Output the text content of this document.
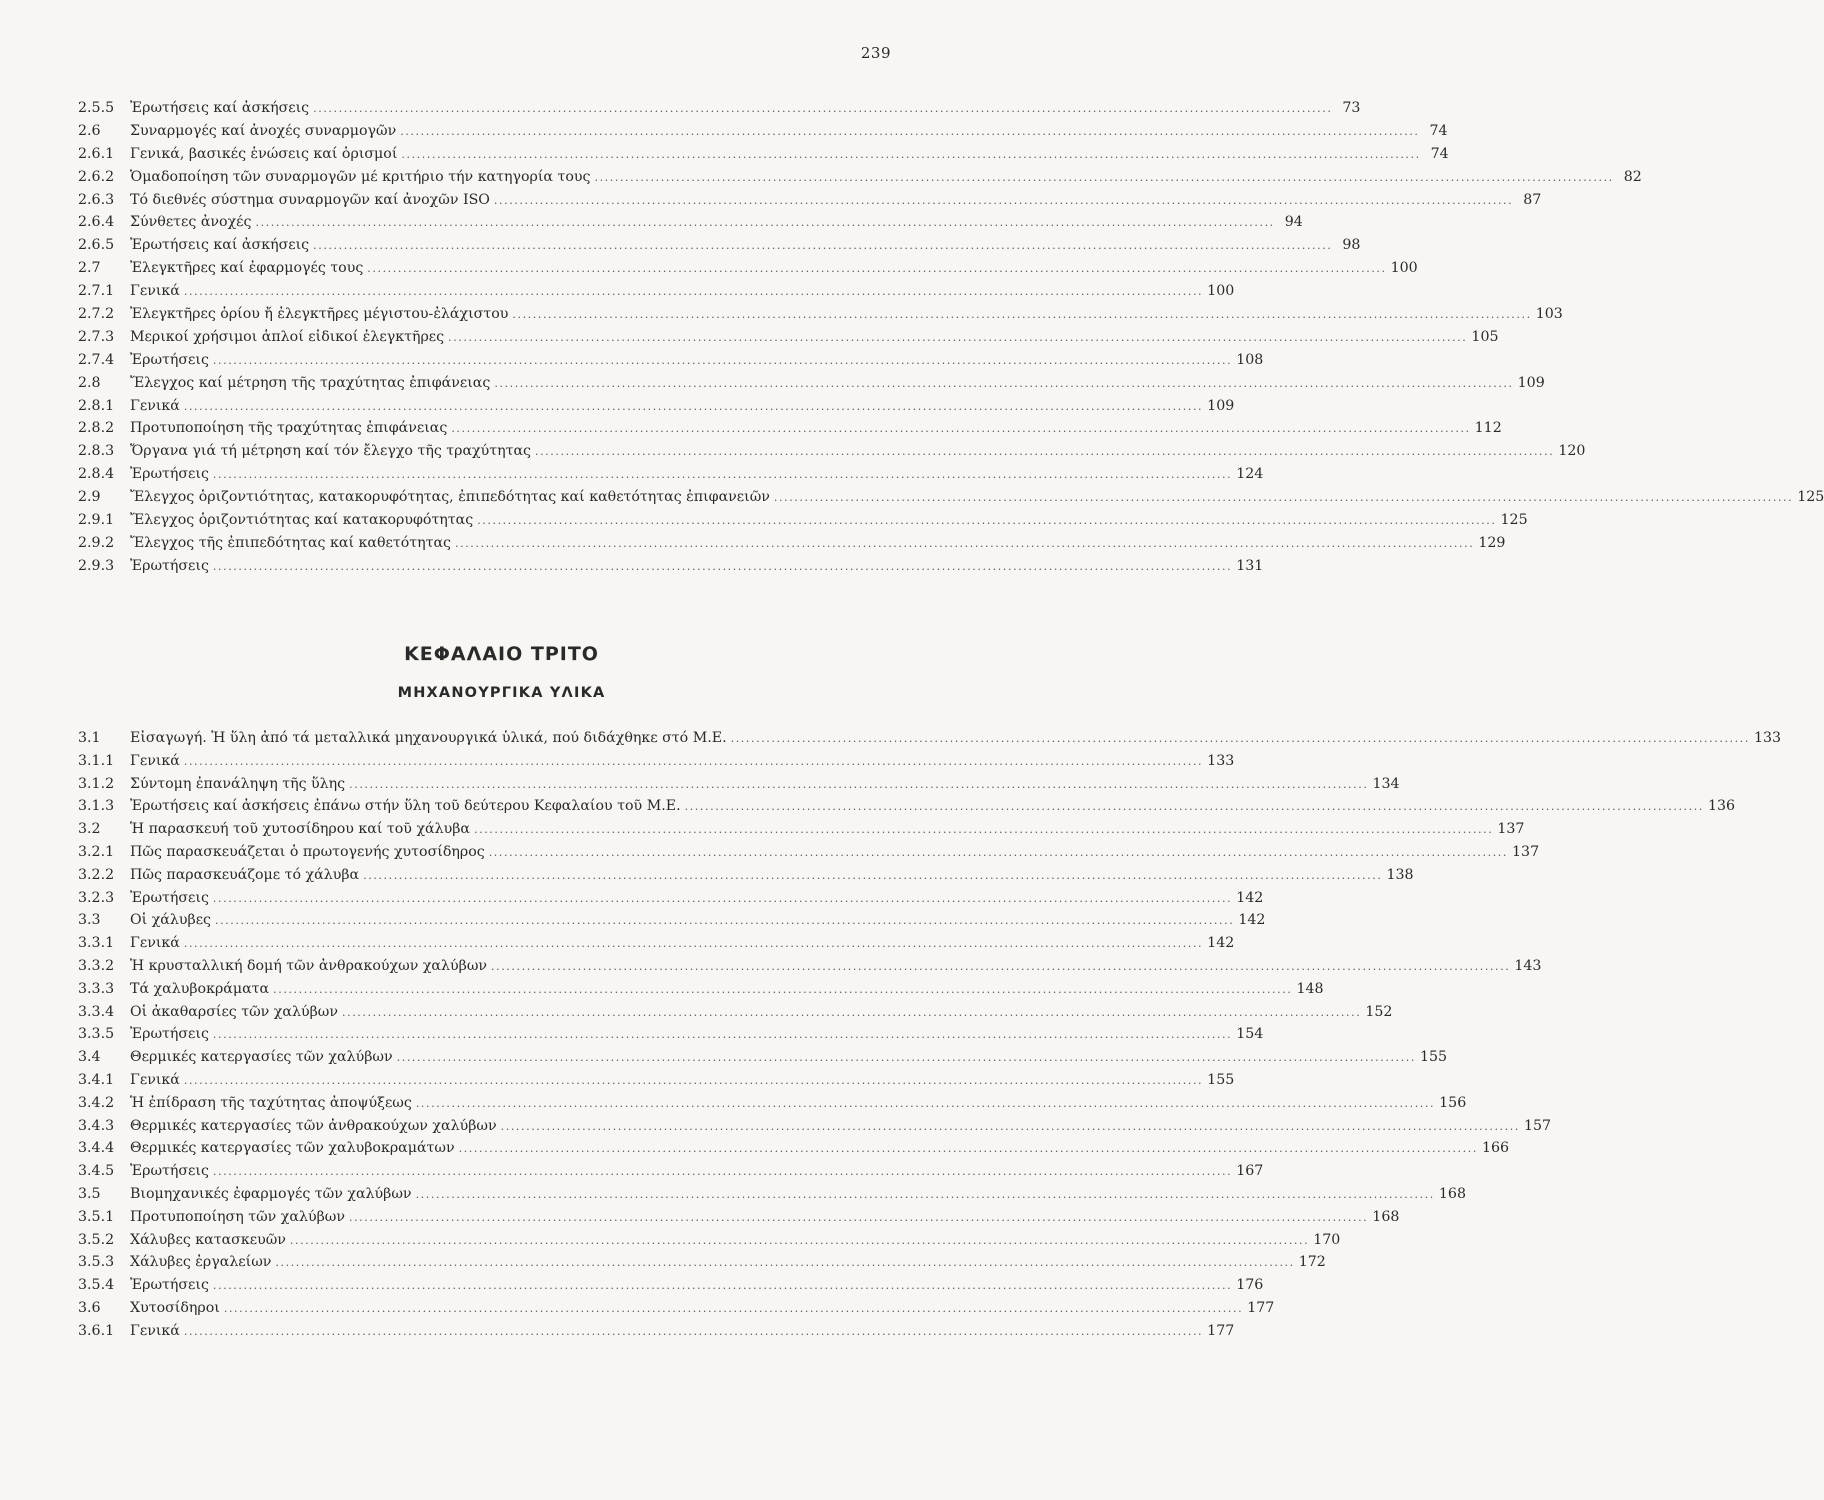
239
2.5.5	Ἐρωτήσεις καί ἀσκήσεις ........................................................................................................................................................................................................ 73
2.6	Συναρμογές καί ἀνοχές συναρμογῶν ........................................................................................................................................................................................................ 74
2.6.1	Γενικά, βασικές ἑνώσεις καί ὁρισμοί ........................................................................................................................................................................................................ 74
2.6.2	Ὁμαδοποίηση τῶν συναρμογῶν μέ κριτήριο τήν κατηγορία τους ........................................................................................................................................................................................................ 82
2.6.3	Τό διεθνές σύστημα συναρμογῶν καί ἀνοχῶν ISO ........................................................................................................................................................................................................ 87
2.6.4	Σύνθετες ἀνοχές ........................................................................................................................................................................................................ 94
2.6.5	Ἐρωτήσεις καί ἀσκήσεις ........................................................................................................................................................................................................ 98
2.7	Ἐλεγκτῆρες καί ἐφαρμογές τους ........................................................................................................................................................................................................ 100
2.7.1	Γενικά ........................................................................................................................................................................................................ 100
2.7.2	Ἐλεγκτῆρες ὁρίου ἤ ἐλεγκτῆρες μέγιστου-ἐλάχιστου ........................................................................................................................................................................................................ 103
2.7.3	Μερικοί χρήσιμοι ἁπλοί εἰδικοί ἐλεγκτῆρες ........................................................................................................................................................................................................ 105
2.7.4	Ἐρωτήσεις ........................................................................................................................................................................................................ 108
2.8	Ἔλεγχος καί μέτρηση τῆς τραχύτητας ἐπιφάνειας ........................................................................................................................................................................................................ 109
2.8.1	Γενικά ........................................................................................................................................................................................................ 109
2.8.2	Προτυποποίηση τῆς τραχύτητας ἐπιφάνειας ........................................................................................................................................................................................................ 112
2.8.3	Ὄργανα γιά τή μέτρηση καί τόν ἔλεγχο τῆς τραχύτητας ........................................................................................................................................................................................................ 120
2.8.4	Ἐρωτήσεις ........................................................................................................................................................................................................ 124
2.9	Ἔλεγχος ὁριζοντιότητας, κατακορυφότητας, ἐπιπεδότητας καί καθετότητας ἐπιφανειῶν ........................................................................................................................................................................................................ 125
2.9.1	Ἔλεγχος ὁριζοντιότητας καί κατακορυφότητας ........................................................................................................................................................................................................ 125
2.9.2	Ἔλεγχος τῆς ἐπιπεδότητας καί καθετότητας ........................................................................................................................................................................................................ 129
2.9.3	Ἐρωτήσεις ........................................................................................................................................................................................................ 131
ΚΕΦΑΛΑΙΟ ΤΡΙΤΟ
ΜΗΧΑΝΟΥΡΓΙΚΑ ΥΛΙΚΑ
3.1	Εἰσαγωγή. Ἡ ὕλη ἀπό τά μεταλλικά μηχανουργικά ὑλικά, πού διδάχθηκε στό Μ.Ε. ........................................................................................................................................................................................................ 133
3.1.1	Γενικά ........................................................................................................................................................................................................ 133
3.1.2	Σύντομη ἐπανάληψη τῆς ὕλης ........................................................................................................................................................................................................ 134
3.1.3	Ἐρωτήσεις καί ἀσκήσεις ἐπάνω στήν ὕλη τοῦ δεύτερου Κεφαλαίου τοῦ Μ.Ε. ........................................................................................................................................................................................................ 136
3.2	Ἡ παρασκευή τοῦ χυτοσίδηρου καί τοῦ χάλυβα ........................................................................................................................................................................................................ 137
3.2.1	Πῶς παρασκευάζεται ὁ πρωτογενής χυτοσίδηρος ........................................................................................................................................................................................................ 137
3.2.2	Πῶς παρασκευάζομε τό χάλυβα ........................................................................................................................................................................................................ 138
3.2.3	Ἐρωτήσεις ........................................................................................................................................................................................................ 142
3.3	Οἱ χάλυβες ........................................................................................................................................................................................................ 142
3.3.1	Γενικά ........................................................................................................................................................................................................ 142
3.3.2	Ἡ κρυσταλλική δομή τῶν ἀνθρακούχων χαλύβων ........................................................................................................................................................................................................ 143
3.3.3	Τά χαλυβοκράματα ........................................................................................................................................................................................................ 148
3.3.4	Οἱ ἀκαθαρσίες τῶν χαλύβων ........................................................................................................................................................................................................ 152
3.3.5	Ἐρωτήσεις ........................................................................................................................................................................................................ 154
3.4	Θερμικές κατεργασίες τῶν χαλύβων ........................................................................................................................................................................................................ 155
3.4.1	Γενικά ........................................................................................................................................................................................................ 155
3.4.2	Ἡ ἐπίδραση τῆς ταχύτητας ἀποψύξεως ........................................................................................................................................................................................................ 156
3.4.3	Θερμικές κατεργασίες τῶν ἀνθρακούχων χαλύβων ........................................................................................................................................................................................................ 157
3.4.4	Θερμικές κατεργασίες τῶν χαλυβοκραμάτων ........................................................................................................................................................................................................ 166
3.4.5	Ἐρωτήσεις ........................................................................................................................................................................................................ 167
3.5	Βιομηχανικές ἐφαρμογές τῶν χαλύβων ........................................................................................................................................................................................................ 168
3.5.1	Προτυποποίηση τῶν χαλύβων ........................................................................................................................................................................................................ 168
3.5.2	Χάλυβες κατασκευῶν ........................................................................................................................................................................................................ 170
3.5.3	Χάλυβες ἐργαλείων ........................................................................................................................................................................................................ 172
3.5.4	Ἐρωτήσεις ........................................................................................................................................................................................................ 176
3.6	Χυτοσίδηροι ........................................................................................................................................................................................................ 177
3.6.1	Γενικά ........................................................................................................................................................................................................ 177
